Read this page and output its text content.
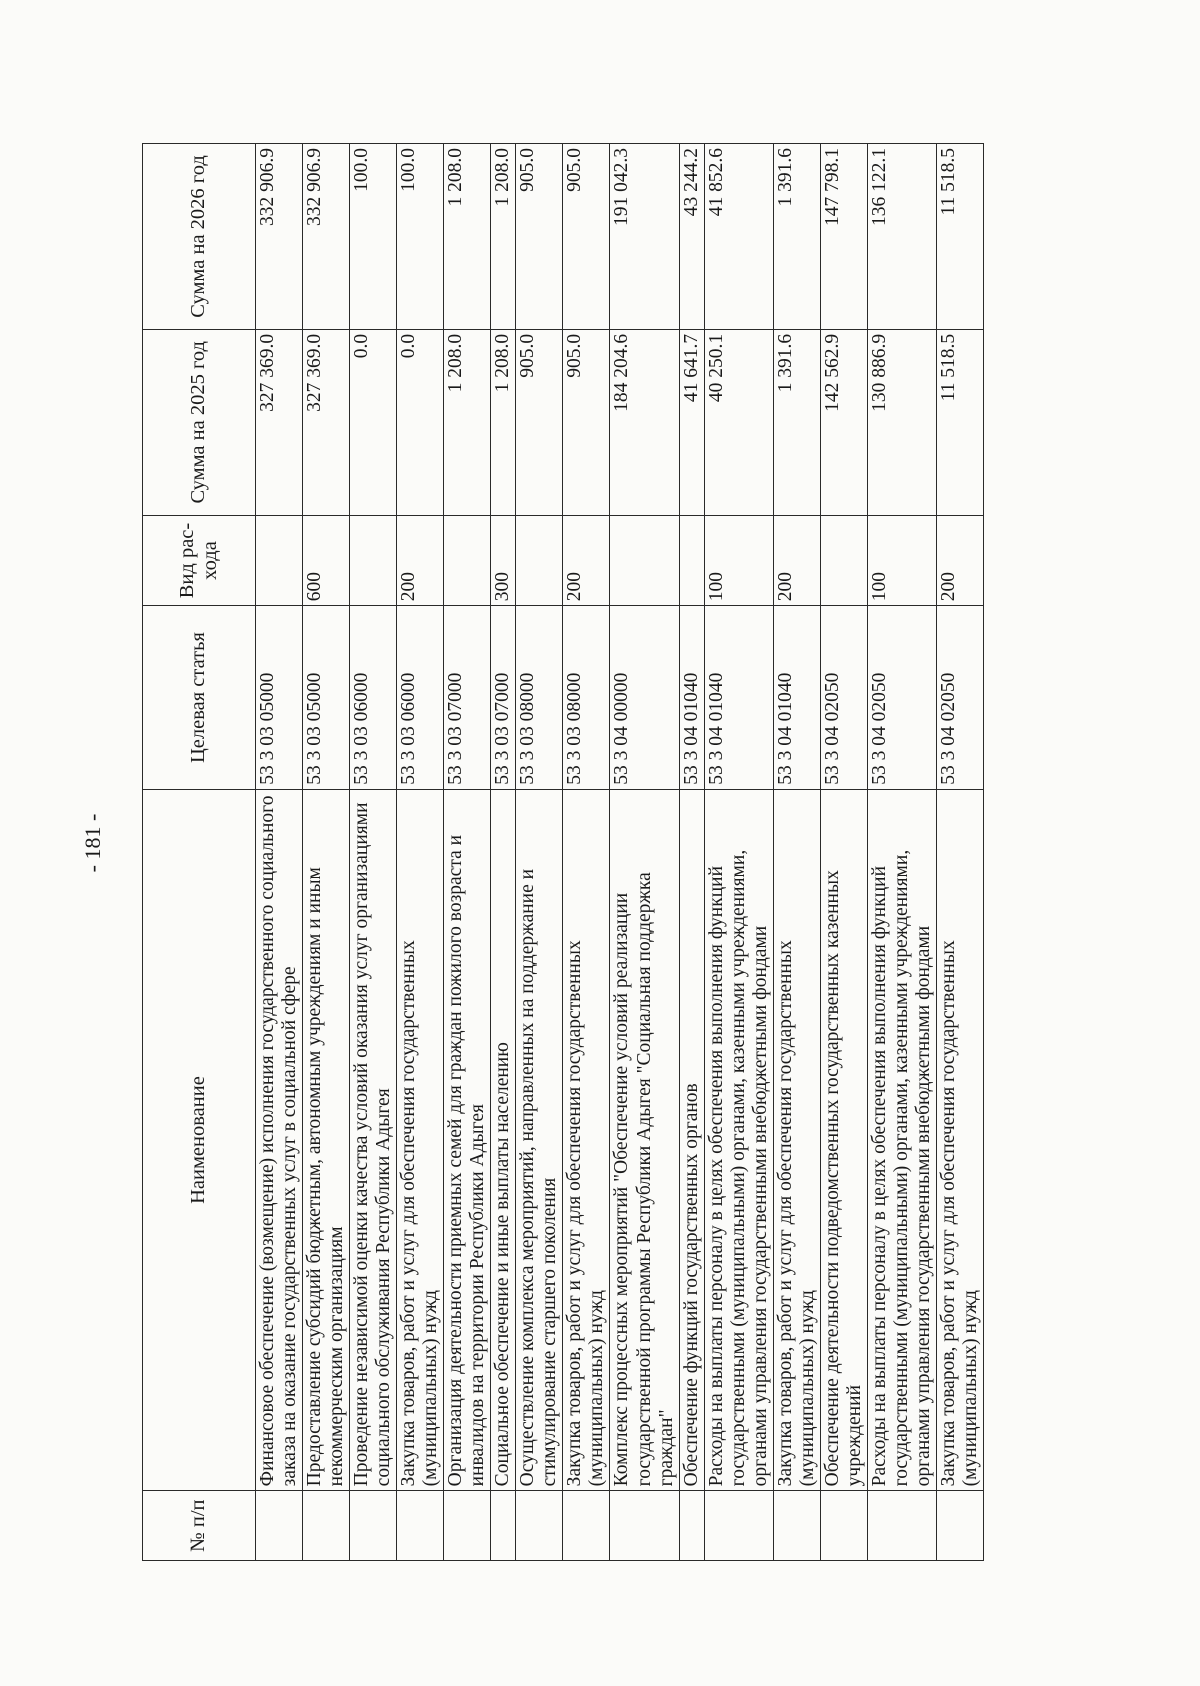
- 181 -
№ п/п	Наименование	Целевая статья	Вид рас-хода	Сумма на 2025 год	Сумма на 2026 год
	Финансовое обеспечение (возмещение) исполнения государственного социального заказа на оказание государственных услуг в социальной сфере	53 3 03 05000		327 369.0	332 906.9
	Предоставление субсидий бюджетным, автономным учреждениям и иным некоммерческим организациям	53 3 03 05000	600	327 369.0	332 906.9
	Проведение независимой оценки качества условий оказания услуг организациями социального обслуживания Республики Адыгея	53 3 03 06000		0.0	100.0
	Закупка товаров, работ и услуг для обеспечения государственных (муниципальных) нужд	53 3 03 06000	200	0.0	100.0
	Организация деятельности приемных семей для граждан пожилого возраста и инвалидов на территории Республики Адыгея	53 3 03 07000		1 208.0	1 208.0
	Социальное обеспечение и иные выплаты населению	53 3 03 07000	300	1 208.0	1 208.0
	Осуществление комплекса мероприятий, направленных на поддержание и стимулирование старшего поколения	53 3 03 08000		905.0	905.0
	Закупка товаров, работ и услуг для обеспечения государственных (муниципальных) нужд	53 3 03 08000	200	905.0	905.0
	Комплекс процессных мероприятий "Обеспечение условий реализации государственной программы Республики Адыгея "Социальная поддержка граждан"	53 3 04 00000		184 204.6	191 042.3
	Обеспечение функций государственных органов	53 3 04 01040		41 641.7	43 244.2
	Расходы на выплаты персоналу в целях обеспечения выполнения функций государственными (муниципальными) органами, казенными учреждениями, органами управления государственными внебюджетными фондами	53 3 04 01040	100	40 250.1	41 852.6
	Закупка товаров, работ и услуг для обеспечения государственных (муниципальных) нужд	53 3 04 01040	200	1 391.6	1 391.6
	Обеспечение деятельности подведомственных государственных казенных учреждений	53 3 04 02050		142 562.9	147 798.1
	Расходы на выплаты персоналу в целях обеспечения выполнения функций государственными (муниципальными) органами, казенными учреждениями, органами управления государственными внебюджетными фондами	53 3 04 02050	100	130 886.9	136 122.1
	Закупка товаров, работ и услуг для обеспечения государственных (муниципальных) нужд	53 3 04 02050	200	11 518.5	11 518.5
